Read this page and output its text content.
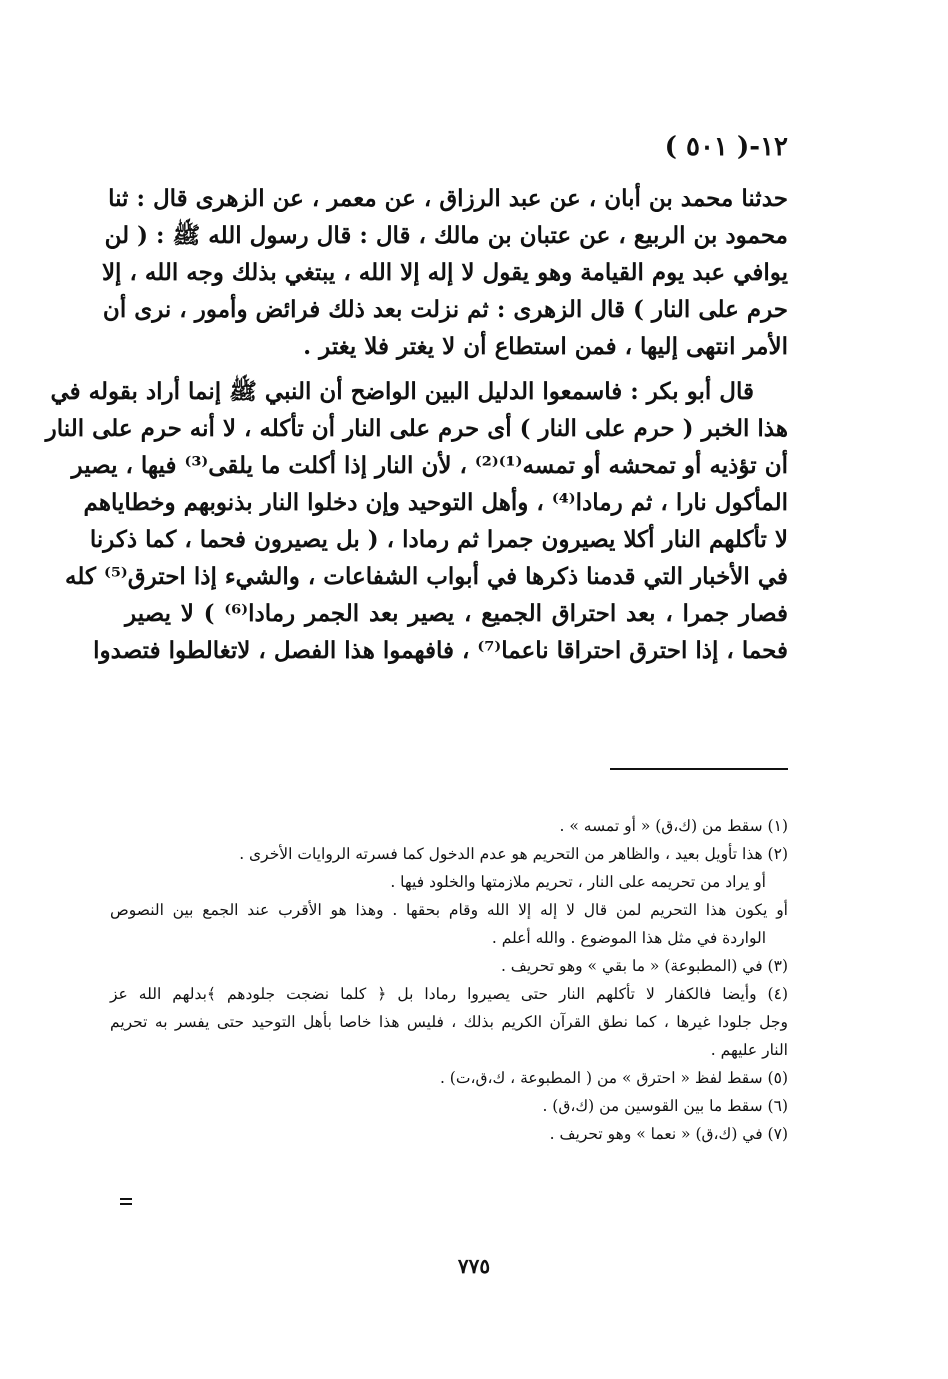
١٢-( ٥٠١ )
حدثنا محمد بن أبان ، عن عبد الرزاق ، عن معمر ، عن الزهرى قال : ثنا
محمود بن الربيع ، عن عتبان بن مالك ، قال : قال رسول الله ﷺ : ( لن
يوافي عبد يوم القيامة وهو يقول لا إله إلا الله ، يبتغي بذلك وجه الله ، إلا
حرم على النار ) قال الزهرى : ثم نزلت بعد ذلك فرائض وأمور ، نرى أن
الأمر انتهى إليها ، فمن استطاع أن لا يغتر فلا يغتر .
قال أبو بكر : فاسمعوا الدليل البين الواضح أن النبي ﷺ إنما أراد بقوله في
هذا الخبر ( حرم على النار ) أى حرم على النار أن تأكله ، لا أنه حرم على النار
أن تؤذيه أو تمحشه أو تمسه⁽¹⁾⁽²⁾ ، لأن النار إذا أكلت ما يلقى⁽³⁾ فيها ، يصير
المأكول نارا ، ثم رمادا⁽⁴⁾ ، وأهل التوحيد وإن دخلوا النار بذنوبهم وخطاياهم
لا تأكلهم النار أكلا يصيرون جمرا ثم رمادا ، ( بل يصيرون فحما ، كما ذكرنا
في الأخبار التي قدمنا ذكرها في أبواب الشفاعات ، والشيء إذا احترق⁽⁵⁾ كله
فصار جمرا ، بعد احتراق الجميع ، يصير بعد الجمر رمادا⁽⁶⁾ ) لا يصير
فحما ، إذا احترق احتراقا ناعما⁽⁷⁾ ، فافهموا هذا الفصل ، لاتغالطوا فتصدوا
(١) سقط من (ك،ق) « أو تمسه » .
(٢) هذا تأويل بعيد ، والظاهر من التحريم هو عدم الدخول كما فسرته الروايات الأخرى .
أو يراد من تحريمه على النار ، تحريم ملازمتها والخلود فيها .
أو يكون هذا التحريم لمن قال لا إله إلا الله وقام بحقها . وهذا هو الأقرب عند الجمع بين النصوص
الواردة في مثل هذا الموضوع . والله أعلم .
(٣) في (المطبوعة) « ما بقي » وهو تحريف .
(٤) وأيضا فالكفار لا تأكلهم النار حتى يصيروا رمادا بل ﴿ كلما نضجت جلودهم ﴾بدلهم الله عز
وجل جلودا غيرها ، كما نطق القرآن الكريم بذلك ، فليس هذا خاصا بأهل التوحيد حتى يفسر به تحريم
النار عليهم .
(٥) سقط لفظ « احترق » من ( المطبوعة ، ك،ق،ت) .
(٦) سقط ما بين القوسين من (ك،ق) .
(٧) في (ك،ق) « نعما » وهو تحريف .
٧٧٥
